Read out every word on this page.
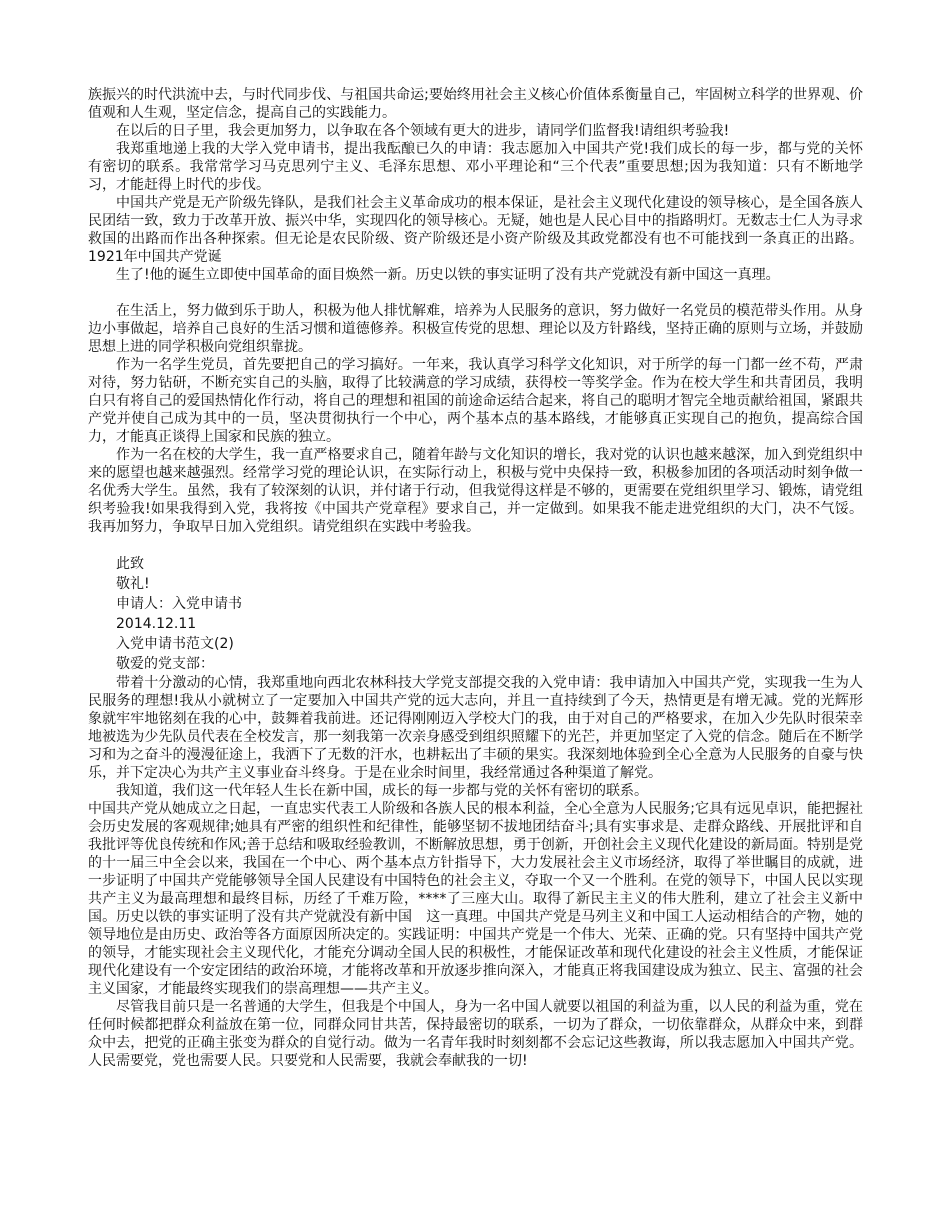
族振兴的时代洪流中去，与时代同步伐、与祖国共命运;要始终用社会主义核心价值体系衡量自己，牢固树立科学的世界观、价值观和人生观，坚定信念，提高自己的实践能力。

在以后的日子里，我会更加努力，以争取在各个领域有更大的进步，请同学们监督我!请组织考验我!

我郑重地递上我的大学入党申请书，提出我酝酿已久的申请：我志愿加入中国共产党!我们成长的每一步，都与党的关怀有密切的联系。我常常学习马克思列宁主义、毛泽东思想、邓小平理论和“三个代表”重要思想;因为我知道：只有不断地学习，才能赶得上时代的步伐。

中国共产党是无产阶级先锋队，是我们社会主义革命成功的根本保证，是社会主义现代化建设的领导核心，是全国各族人民团结一致，致力于改革开放、振兴中华，实现四化的领导核心。无疑，她也是人民心目中的指路明灯。无数志士仁人为寻求救国的出路而作出各种探索。但无论是农民阶级、资产阶级还是小资产阶级及其政党都没有也不可能找到一条真正的出路。1921年中国共产党诞

生了!他的诞生立即使中国革命的面目焕然一新。历史以铁的事实证明了没有共产党就没有新中国这一真理。

在生活上，努力做到乐于助人，积极为他人排忧解难，培养为人民服务的意识，努力做好一名党员的模范带头作用。从身边小事做起，培养自己良好的生活习惯和道德修养。积极宣传党的思想、理论以及方针路线，坚持正确的原则与立场，并鼓励思想上进的同学积极向党组织靠拢。

作为一名学生党员，首先要把自己的学习搞好。一年来，我认真学习科学文化知识，对于所学的每一门都一丝不苟，严肃对待，努力钻研，不断充实自己的头脑，取得了比较满意的学习成绩，获得校一等奖学金。作为在校大学生和共青团员，我明白只有将自己的爱国热情化作行动，将自己的理想和祖国的前途命运结合起来，将自己的聪明才智完全地贡献给祖国，紧跟共产党并使自己成为其中的一员，坚决贯彻执行一个中心，两个基本点的基本路线，才能够真正实现自己的抱负，提高综合国力，才能真正谈得上国家和民族的独立。

作为一名在校的大学生，我一直严格要求自己，随着年龄与文化知识的增长，我对党的认识也越来越深，加入到党组织中来的愿望也越来越强烈。经常学习党的理论认识，在实际行动上，积极与党中央保持一致，积极参加团的各项活动时刻争做一名优秀大学生。虽然，我有了较深刻的认识，并付诸于行动，但我觉得这样是不够的，更需要在党组织里学习、锻炼，请党组织考验我!如果我得到入党，我将按《中国共产党章程》要求自己，并一定做到。如果我不能走进党组织的大门，决不气馁。我再加努力，争取早日加入党组织。请党组织在实践中考验我。

此致

敬礼!

申请人：入党申请书

2014.12.11

入党申请书范文(2)

敬爱的党支部：

带着十分激动的心情，我郑重地向西北农林科技大学党支部提交我的入党申请：我申请加入中国共产党，实现我一生为人民服务的理想!我从小就树立了一定要加入中国共产党的远大志向，并且一直持续到了今天，热情更是有增无减。党的光辉形象就牢牢地铭刻在我的心中，鼓舞着我前进。还记得刚刚迈入学校大门的我，由于对自己的严格要求，在加入少先队时很荣幸地被选为少先队员代表在全校发言，那一刻我第一次亲身感受到组织照耀下的光芒，并更加坚定了入党的信念。随后在不断学习和为之奋斗的漫漫征途上，我洒下了无数的汗水，也耕耘出了丰硕的果实。我深刻地体验到全心全意为人民服务的自豪与快乐，并下定决心为共产主义事业奋斗终身。于是在业余时间里，我经常通过各种渠道了解党。

我知道，我们这一代年轻人生长在新中国，成长的每一步都与党的关怀有密切的联系。

中国共产党从她成立之日起，一直忠实代表工人阶级和各族人民的根本利益，全心全意为人民服务;它具有远见卓识，能把握社会历史发展的客观规律;她具有严密的组织性和纪律性，能够坚韧不拔地团结奋斗;具有实事求是、走群众路线、开展批评和自我批评等优良传统和作风;善于总结和吸取经验教训，不断解放思想，勇于创新，开创社会主义现代化建设的新局面。特别是党的十一届三中全会以来，我国在一个中心、两个基本点方针指导下，大力发展社会主义市场经济，取得了举世瞩目的成就，进一步证明了中国共产党能够领导全国人民建设有中国特色的社会主义，夺取一个又一个胜利。在党的领导下，中国人民以实现共产主义为最高理想和最终目标，历经了千难万险，****了三座大山。取得了新民主主义的伟大胜利，建立了社会主义新中国。历史以铁的事实证明了没有共产党就没有新中国　这一真理。中国共产党是马列主义和中国工人运动相结合的产物，她的领导地位是由历史、政治等各方面原因所决定的。实践证明：中国共产党是一个伟大、光荣、正确的党。只有坚持中国共产党的领导，才能实现社会主义现代化，才能充分调动全国人民的积极性，才能保证改革和现代化建设的社会主义性质，才能保证现代化建设有一个安定团结的政治环境，才能将改革和开放逐步推向深入，才能真正将我国建设成为独立、民主、富强的社会主义国家，才能最终实现我们的崇高理想——共产主义。

尽管我目前只是一名普通的大学生，但我是个中国人，身为一名中国人就要以祖国的利益为重，以人民的利益为重，党在任何时候都把群众利益放在第一位，同群众同甘共苦，保持最密切的联系，一切为了群众，一切依靠群众，从群众中来，到群众中去，把党的正确主张变为群众的自觉行动。做为一名青年我时时刻刻都不会忘记这些教诲，所以我志愿加入中国共产党。人民需要党，党也需要人民。只要党和人民需要，我就会奉献我的一切!
